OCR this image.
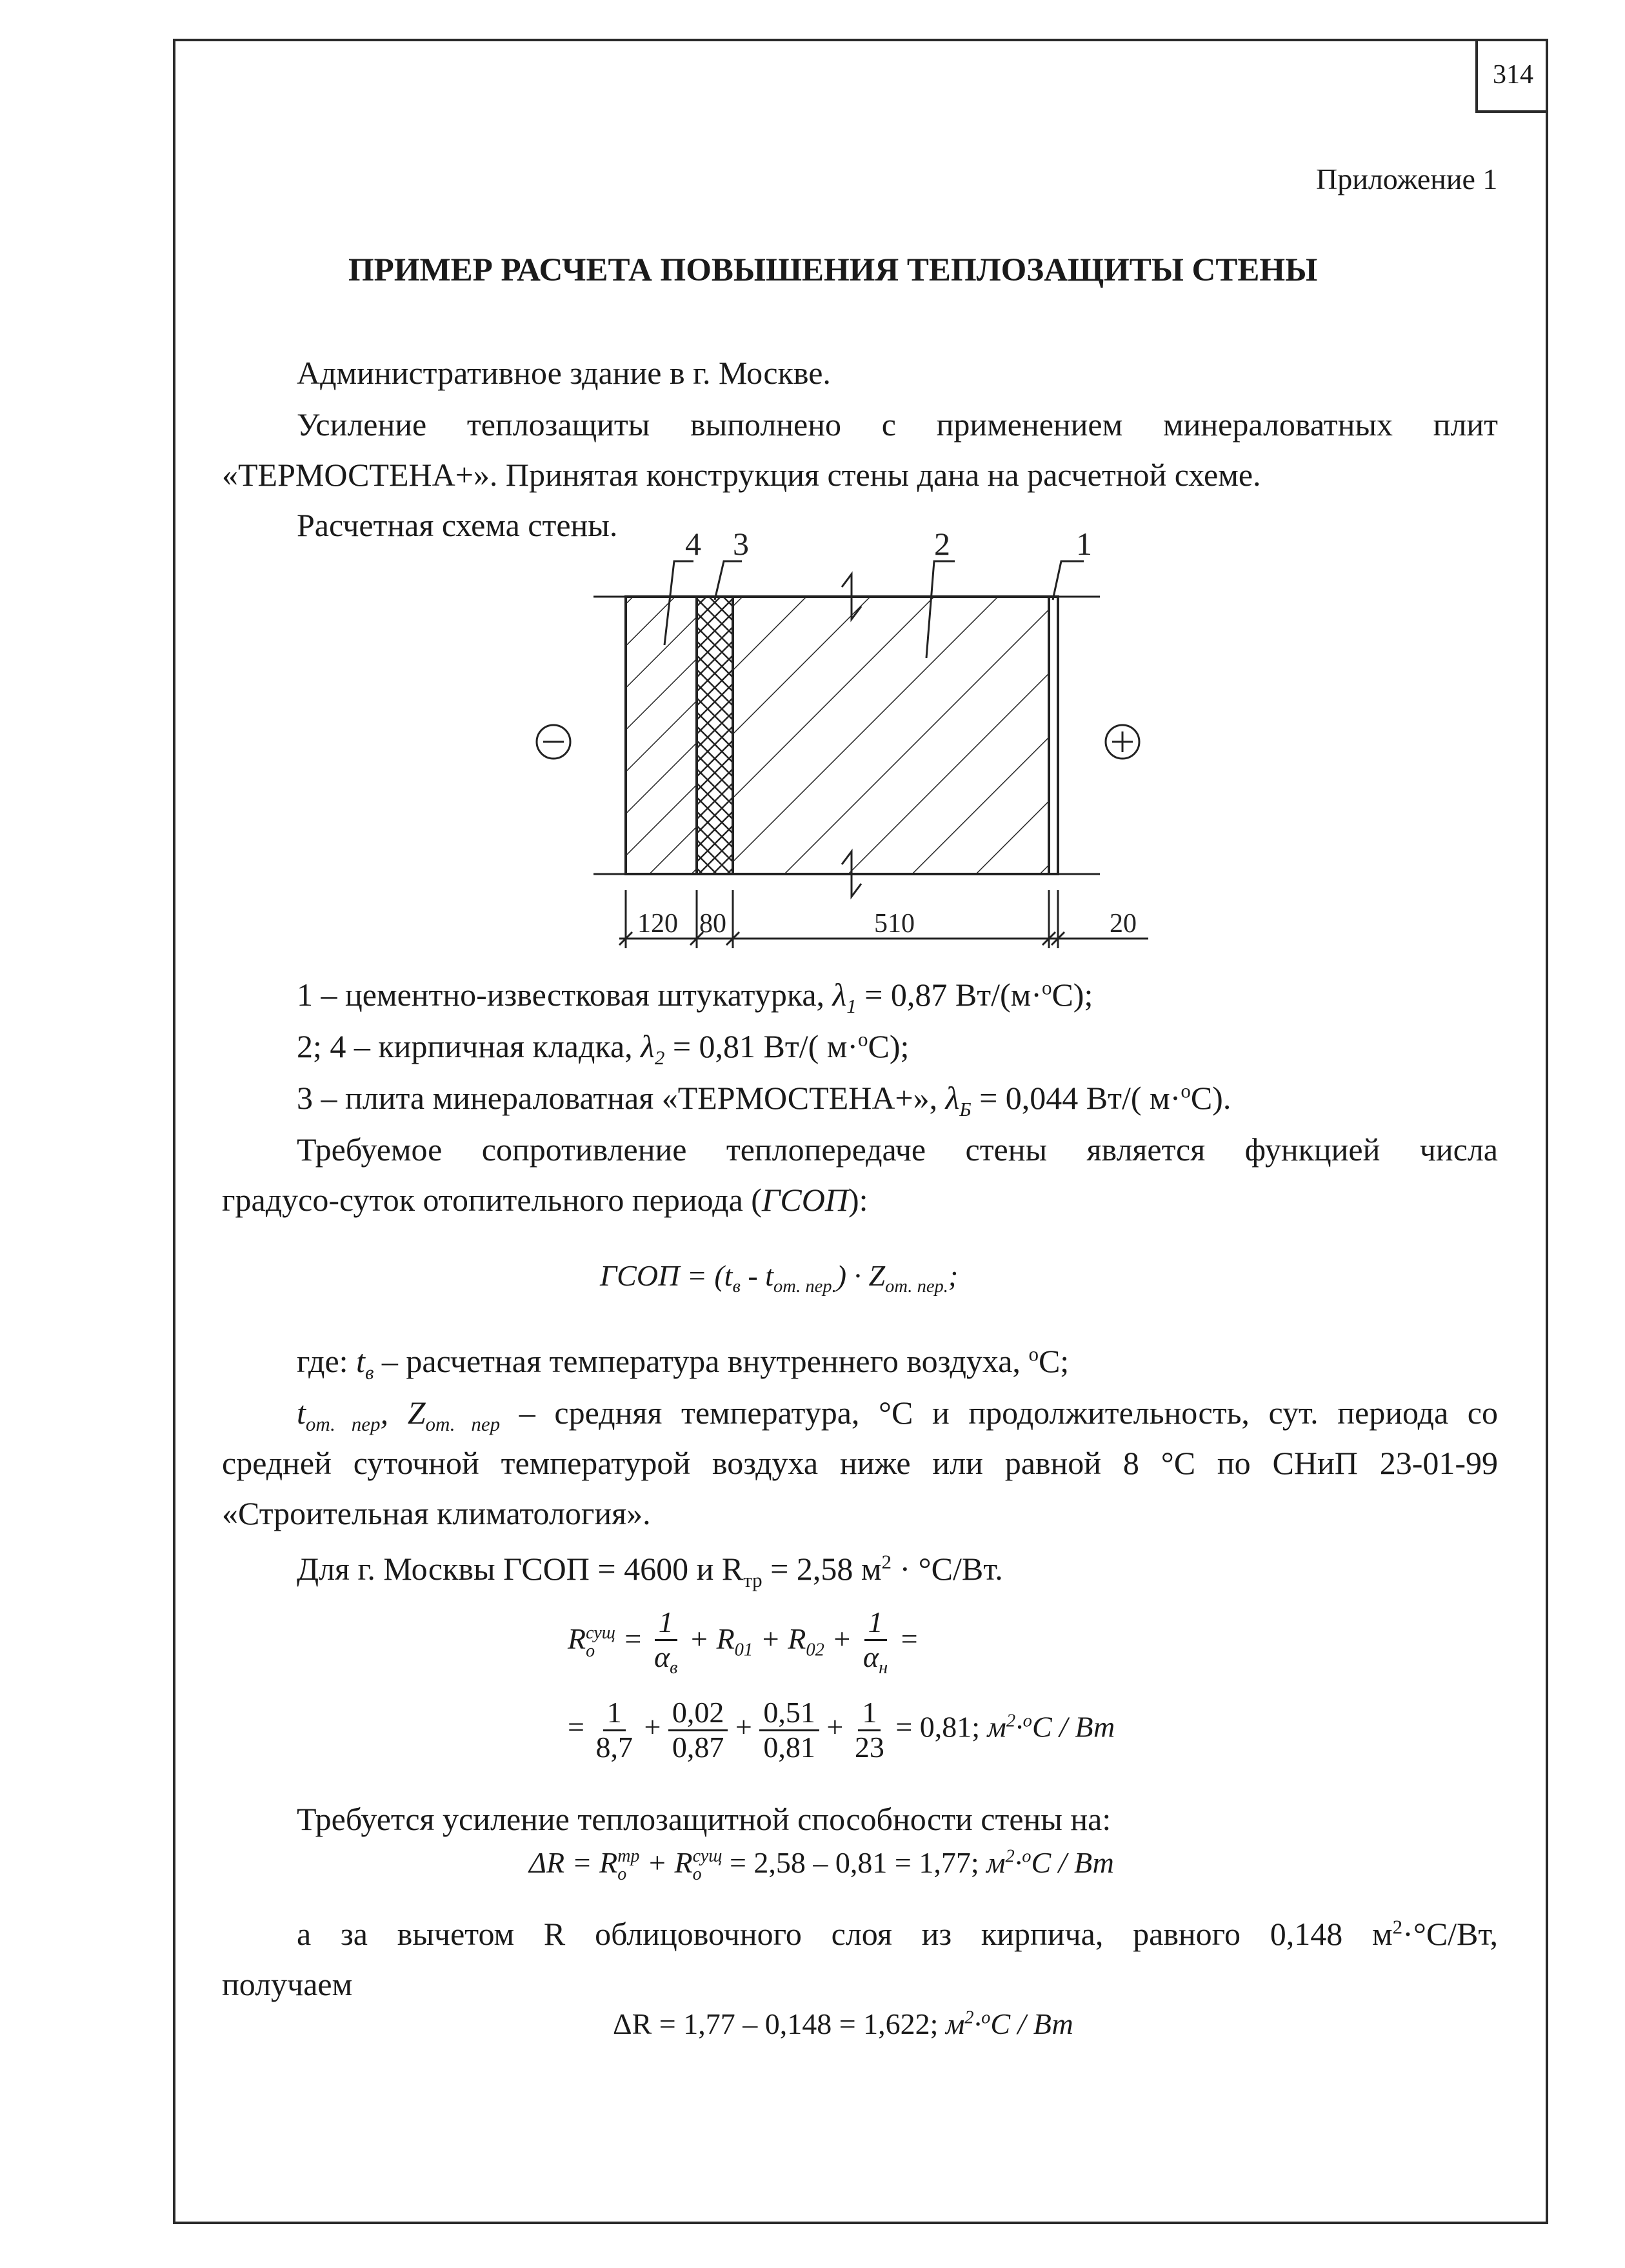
314
Приложение 1
ПРИМЕР РАСЧЕТА ПОВЫШЕНИЯ ТЕПЛОЗАЩИТЫ СТЕНЫ
Административное здание в г. Москве.
Усиление теплозащиты выполнено с применением минераловатных плит
«ТЕРМОСТЕНА+». Принятая конструкция стены дана на расчетной схеме.
Расчетная схема стены.
4 3	2	1
120 80	510	20
1 – цементно-известковая штукатурка, $\lambda_1 = 0,87$ Вт/(м·$^o$С);
2; 4 – кирпичная кладка, $\lambda_2 = 0,81$ Вт/( м·$^o$С);
3 – плита минераловатная «ТЕРМОСТЕНА+», $\lambda_Б = 0,044$ Вт/( м·$^o$С).
Требуемое сопротивление теплопередаче стены является функцией числа
градусо-суток отопительного периода (ГСОП):
ГСОП = $(t_в - t_{от. пер.}) \cdot Z_{от. пер.}$;
где: $t_в$ – расчетная температура внутреннего воздуха, $^o$С;
$t_{от. пер}$, $Z_{от. пер}$ – средняя температура, °С и продолжительность, сут. периода со
средней суточной температурой воздуха ниже или равной 8 °С по СНиП 23-01-99
«Строительная климатология».
Для г. Москвы ГСОП = 4600 и $R_{тр} = 2,58$ $м^2 \cdot ^\circ С/Вт$.
R сущ
$о = \frac{1}{\alpha_в} + R_{01} + R_{02} + \frac{1}{\alpha_н}$ =
= $\frac{1}{8,7} + \frac{0,02}{0,87} + \frac{0,51}{0,81} + \frac{1}{23} = 0,81$; $м^2\cdot^оС$ / Вт
Требуется усиление теплозащитной способности стены на:
ΔR = R тр
о + R сущ
о = 2,58 – 0,81 = 1,77; $м^2\cdot^оС$ / Вт
а за вычетом R облицовочного слоя из кирпича, равного 0,148 $м^2\cdot^\circ С/Вт$,
получаем
ΔR = 1,77 – 0,148 = 1,622; $м^2\cdot^оС$ / Вт
